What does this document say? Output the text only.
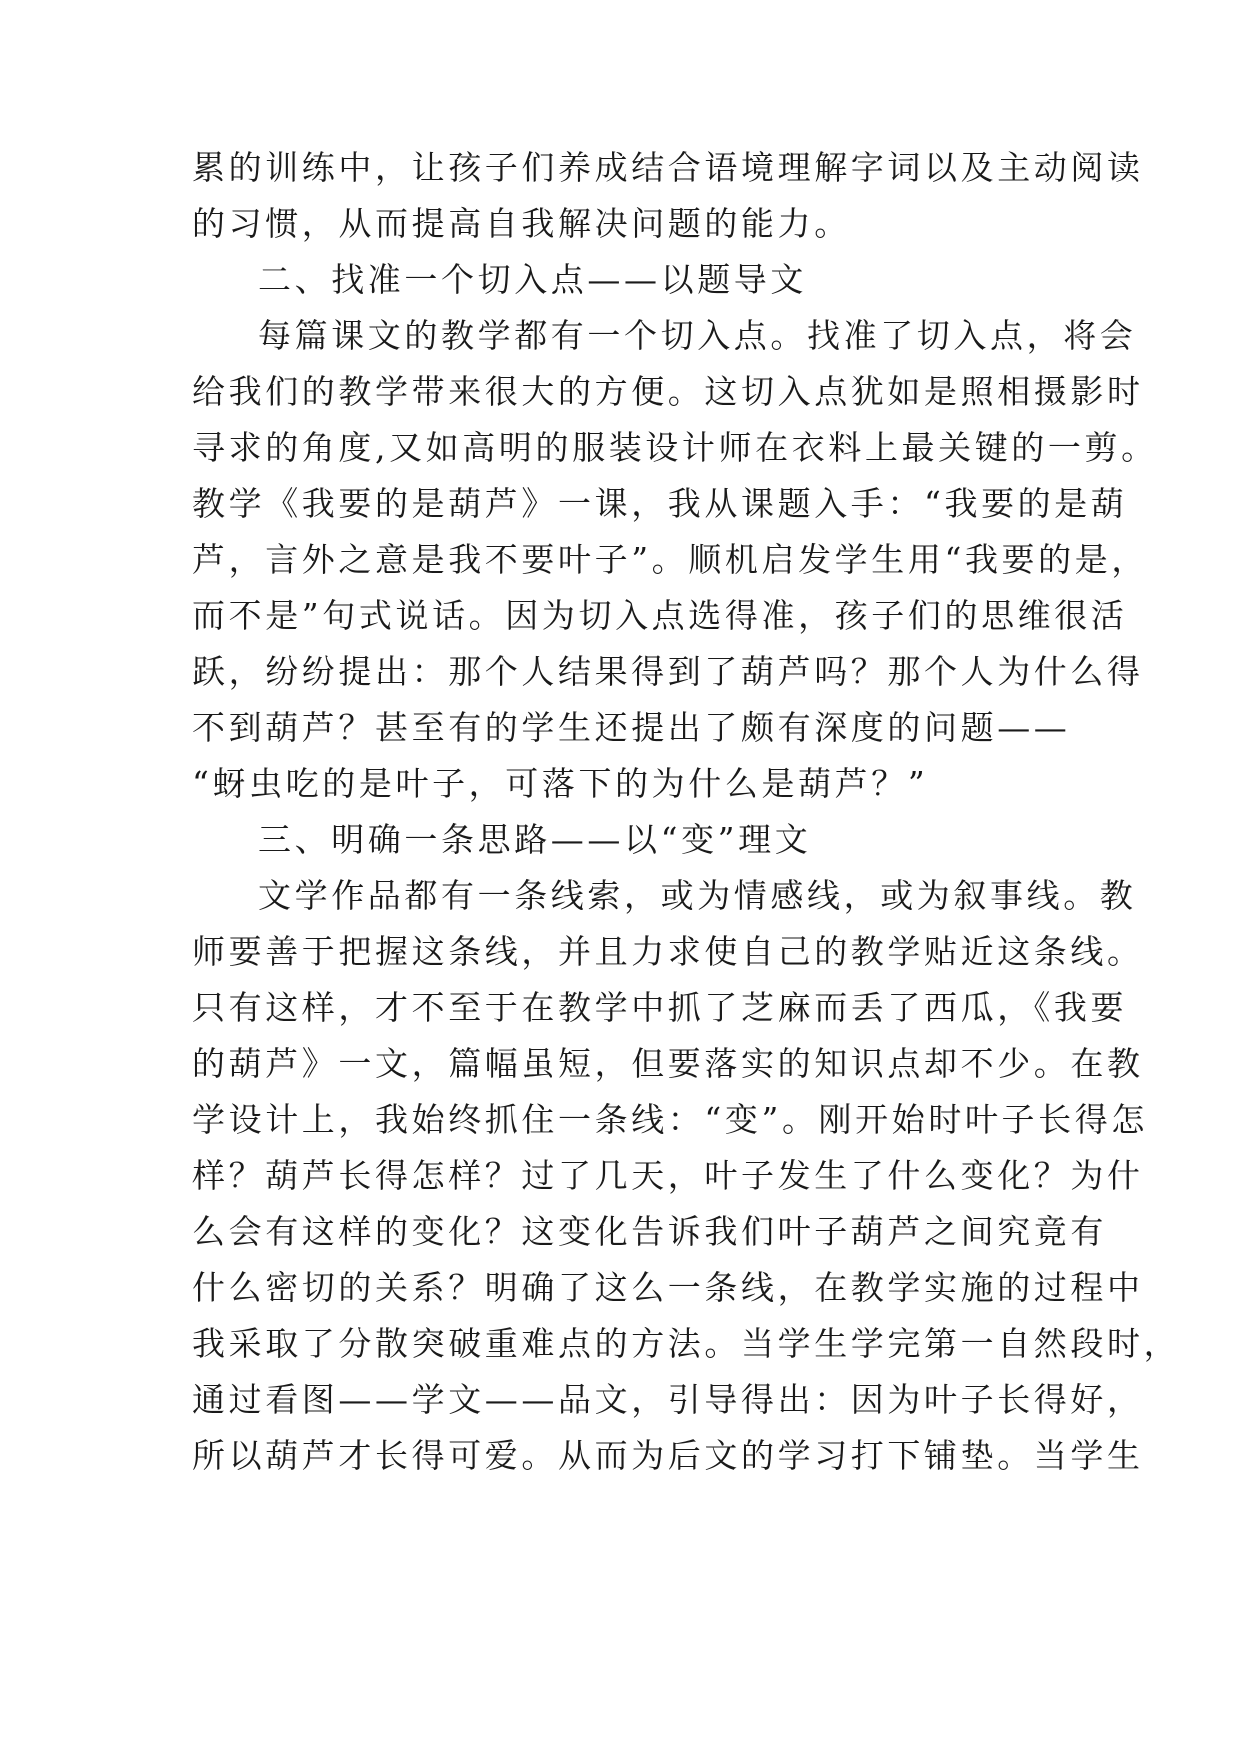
累的训练中，让孩子们养成结合语境理解字词以及主动阅读
的习惯，从而提高自我解决问题的能力。
二、找准一个切入点——以题导文
每篇课文的教学都有一个切入点。找准了切入点，将会
给我们的教学带来很大的方便。这切入点犹如是照相摄影时
寻求的角度,又如高明的服装设计师在衣料上最关键的一剪。
教学《我要的是葫芦》一课，我从课题入手：“我要的是葫
芦，言外之意是我不要叶子”。顺机启发学生用“我要的是，
而不是”句式说话。因为切入点选得准，孩子们的思维很活
跃，纷纷提出：那个人结果得到了葫芦吗？那个人为什么得
不到葫芦？甚至有的学生还提出了颇有深度的问题——
“蚜虫吃的是叶子，可落下的为什么是葫芦？”
三、明确一条思路——以“变”理文
文学作品都有一条线索，或为情感线，或为叙事线。教
师要善于把握这条线，并且力求使自己的教学贴近这条线。
只有这样，才不至于在教学中抓了芝麻而丢了西瓜，《我要
的葫芦》一文，篇幅虽短，但要落实的知识点却不少。在教
学设计上，我始终抓住一条线：“变”。刚开始时叶子长得怎
样？葫芦长得怎样？过了几天，叶子发生了什么变化？为什
么会有这样的变化？这变化告诉我们叶子葫芦之间究竟有
什么密切的关系？明确了这么一条线，在教学实施的过程中
我采取了分散突破重难点的方法。当学生学完第一自然段时，
通过看图——学文——品文，引导得出：因为叶子长得好，
所以葫芦才长得可爱。从而为后文的学习打下铺垫。当学生
